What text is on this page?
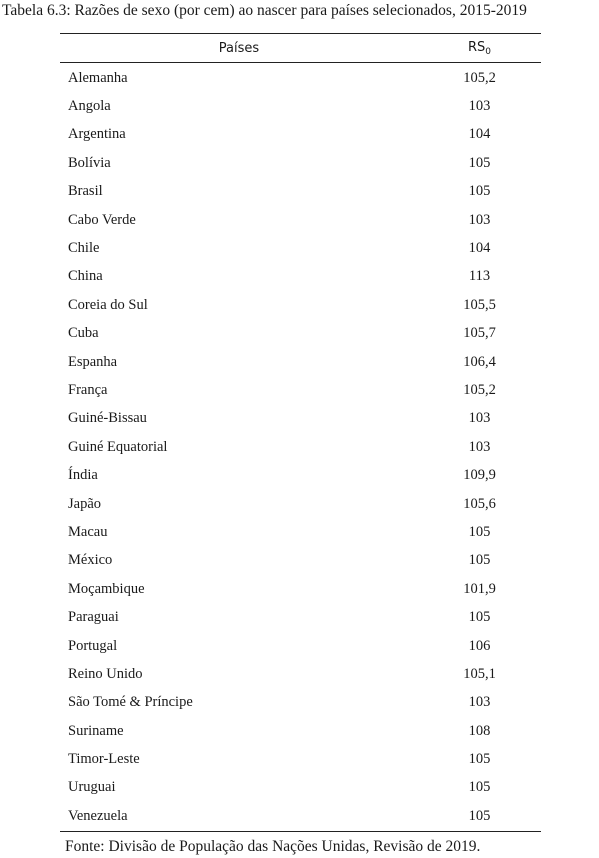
Tabela 6.3: Razões de sexo (por cem) ao nascer para países selecionados, 2015-2019
Países	$RS_0$
Alemanha	105,2
Angola	103
Argentina	104
Bolívia	105
Brasil	105
Cabo Verde	103
Chile	104
China	113
Coreia do Sul	105,5
Cuba	105,7
Espanha	106,4
França	105,2
Guiné-Bissau	103
Guiné Equatorial	103
Índia	109,9
Japão	105,6
Macau	105
México	105
Moçambique	101,9
Paraguai	105
Portugal	106
Reino Unido	105,1
São Tomé & Príncipe	103
Suriname	108
Timor-Leste	105
Uruguai	105
Venezuela	105
Fonte: Divisão de População das Nações Unidas, Revisão de 2019.
